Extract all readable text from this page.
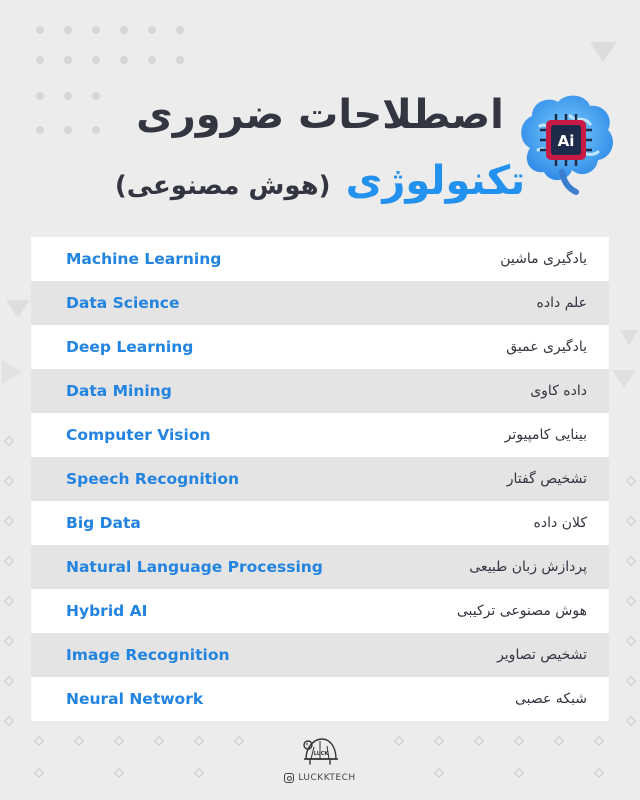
اصطلاحات ضروری
تکنولوژی (هوش مصنوعی)
Ai
Machine Learning	یادگیری ماشین
Data Science	علم داده
Deep Learning	یادگیری عمیق
Data Mining	داده کاوی
Computer Vision	بینایی کامپیوتر
Speech Recognition	تشخیص گفتار
Big Data	کلان داده
Natural Language Processing	پردازش زبان طبیعی
Hybrid AI	هوش مصنوعی ترکیبی
Image Recognition	تشخیص تصاویر
Neural Network	شبکه عصبی
LUCK
LUCKKTECH
